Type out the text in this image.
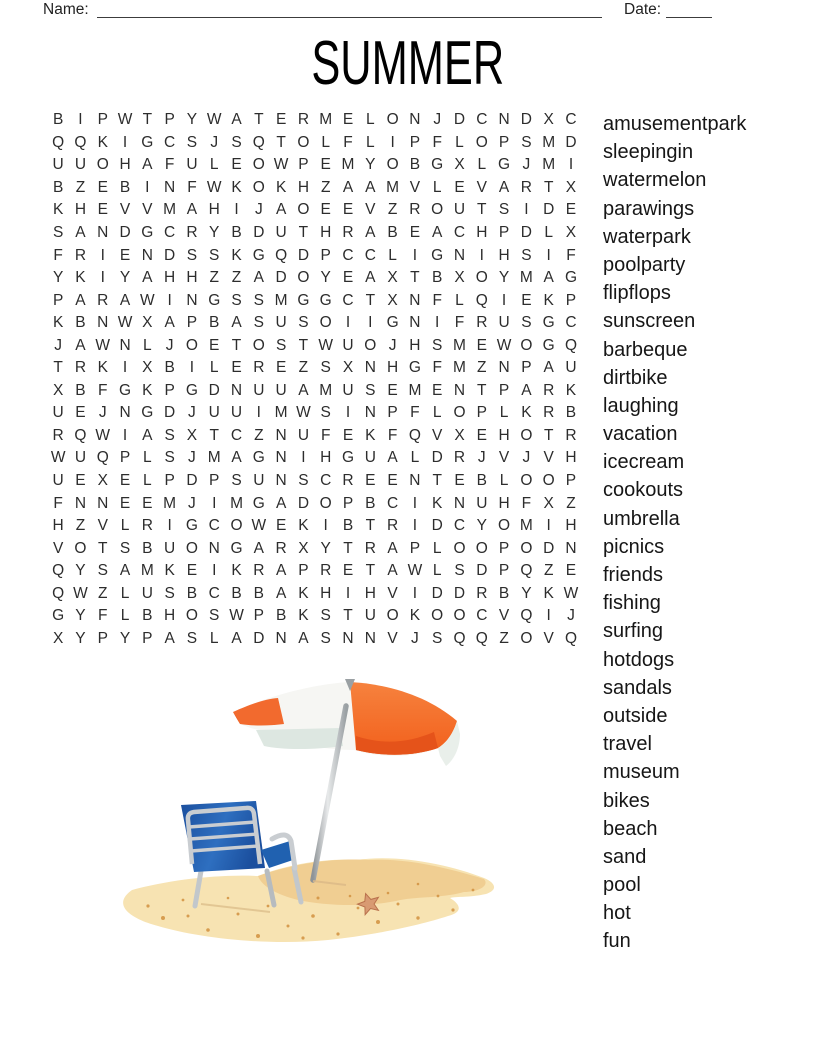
Name:	Date:
SUMMER
B I P W T P Y W A T E R M E L O N J D C N D X C
Q Q K I G C S J S Q T O L F L	I P F L O P S M D
U U O H A F U L E O W P E M Y O B G X L G J M I
B Z E B I N F W K O K H Z A A M V L E V A R T X
K H E V V M A H I	J A O E E V Z R O U T S I D E
S A N D G C R Y B D U T H R A B E A C H P D L X
F R I E N D S S K G Q D P C C L	I G N I H S I F
Y K I Y A H H Z Z A D O Y E A X T B X O Y M A G
P A R A W I N G S S M G G C T X N F L Q I E K P
K B N W X A P B A S U S O I	I G N I F R U S G C
J A W N L J O E T O S T W U O J H S M E W O G Q
T R K I X B I	L E R E Z S X N H G F M Z N P A U
X B F G K P G D N U U A M U S E M E N T P A R K
U E J N G D J U U I M W S I N P F L O P L K R B
R Q W I A S X T C Z N U F E K F Q V X E H O T R
W U Q P L S J M A G N I H G U A L D R J V J V H
U E X E L P D P S U N S C R E E N T E B L O O P
F N N E E M J	I M G A D O P B C I K N U H F X Z
H Z V L R I G C O W E K I B T R I D C Y O M I H
V O T S B U O N G A R X Y T R A P L O O P O D N
Q Y S A M K E I K R A P R E T A W L S D P Q Z E
Q W Z L U S B C B B A K H I H V I D D R B Y K W
G Y F L B H O S W P B K S T U O K O O C V Q I	J
X Y P Y P A S L A D N A S N N V J S Q Q Z O V Q
amusementpark
sleepingin
watermelon
parawings
waterpark
poolparty
flipflops
sunscreen
barbeque
dirtbike
laughing
vacation
icecream
cookouts
umbrella
picnics
friends
fishing
surfing
hotdogs
sandals
outside
travel
museum
bikes
beach
sand
pool
hot
fun
